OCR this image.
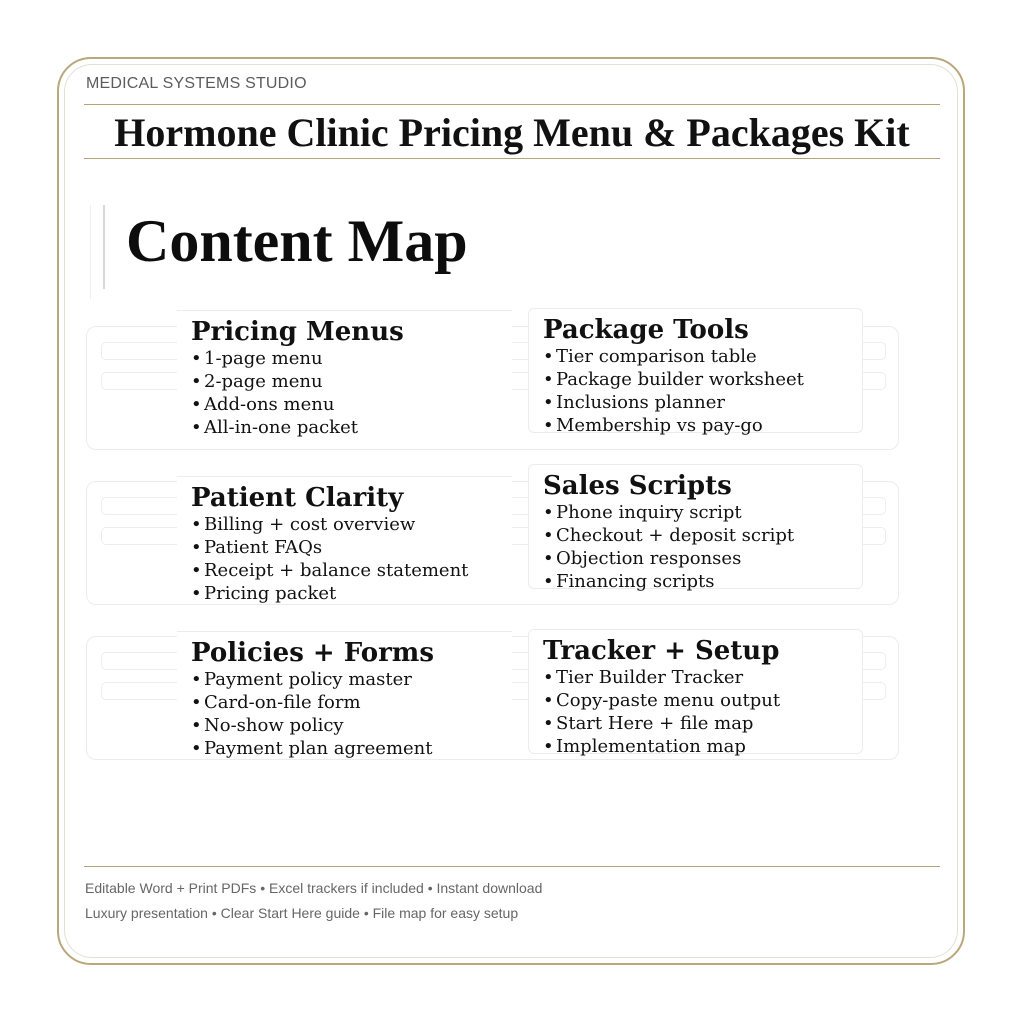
MEDICAL SYSTEMS STUDIO
Hormone Clinic Pricing Menu & Packages Kit
Content Map
Pricing Menus
• 1-page menu
• 2-page menu
• Add-ons menu
• All-in-one packet
Package Tools
• Tier comparison table
• Package builder worksheet
• Inclusions planner
• Membership vs pay-go
Patient Clarity
• Billing + cost overview
• Patient FAQs
• Receipt + balance statement
• Pricing packet
Sales Scripts
• Phone inquiry script
• Checkout + deposit script
• Objection responses
• Financing scripts
Policies + Forms
• Payment policy master
• Card-on-file form
• No-show policy
• Payment plan agreement
Tracker + Setup
• Tier Builder Tracker
• Copy-paste menu output
• Start Here + file map
• Implementation map
Editable Word + Print PDFs • Excel trackers if included • Instant download
Luxury presentation • Clear Start Here guide • File map for easy setup
